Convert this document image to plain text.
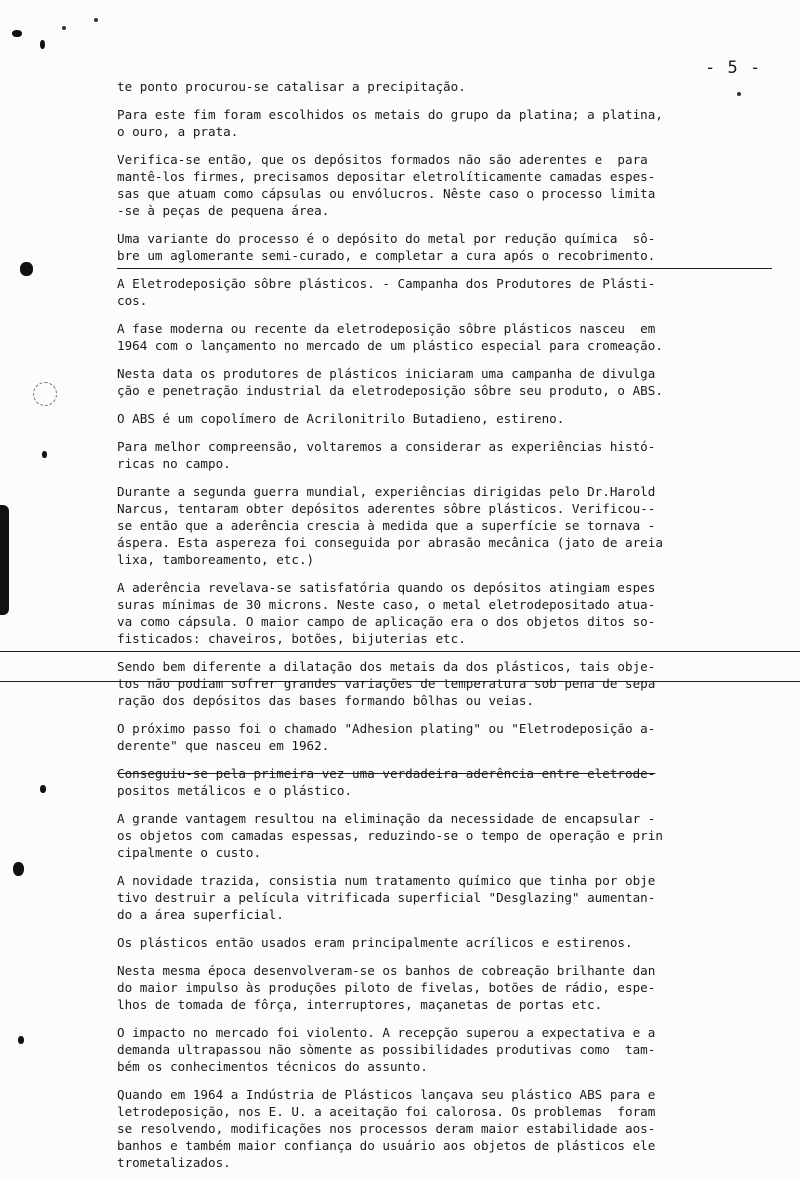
- 5 -
te ponto procurou-se catalisar a precipitação.
Para este fim foram escolhidos os metais do grupo da platina; a platina,
o ouro, a prata.
Verifica-se então, que os depósitos formados não são aderentes e  para
mantê-los firmes, precisamos depositar eletrolíticamente camadas espes-
sas que atuam como cápsulas ou envólucros. Nêste caso o processo limita
-se à peças de pequena área.
Uma variante do processo é o depósito do metal por redução química  sô-
bre um aglomerante semi-curado, e completar a cura após o recobrimento.
A Eletrodeposição sôbre plásticos. - Campanha dos Produtores de Plásti-
cos.
A fase moderna ou recente da eletrodeposição sôbre plásticos nasceu  em
1964 com o lançamento no mercado de um plástico especial para cromeação.
Nesta data os produtores de plásticos iniciaram uma campanha de divulga
ção e penetração industrial da eletrodeposição sôbre seu produto, o ABS.
O ABS é um copolímero de Acrilonitrilo Butadieno, estireno.
Para melhor compreensão, voltaremos a considerar as experiências histó-
ricas no campo.
Durante a segunda guerra mundial, experiências dirigidas pelo Dr.Harold
Narcus, tentaram obter depósitos aderentes sôbre plásticos. Verificou--
se então que a aderência crescia à medida que a superfície se tornava -
áspera. Esta aspereza foi conseguida por abrasão mecânica (jato de areia
lixa, tamboreamento, etc.)
A aderência revelava-se satisfatória quando os depósitos atingiam espes
suras mínimas de 30 microns. Neste caso, o metal eletrodepositado atua-
va como cápsula. O maior campo de aplicação era o dos objetos ditos so-
fisticados: chaveiros, botões, bijuterias etc.
Sendo bem diferente a dilatação dos metais da dos plásticos, tais obje-
tos não podiam sofrer grandes variações de temperatura sob pena de sepa
ração dos depósitos das bases formando bôlhas ou veias.
O próximo passo foi o chamado "Adhesion plating" ou "Eletrodeposição a-
derente" que nasceu em 1962.
Conseguiu-se pela primeira vez uma verdadeira aderência entre eletrode-
positos metálicos e o plástico.
A grande vantagem resultou na eliminação da necessidade de encapsular -
os objetos com camadas espessas, reduzindo-se o tempo de operação e prin
cipalmente o custo.
A novidade trazida, consistia num tratamento químico que tinha por obje
tivo destruir a película vitrificada superficial "Desglazing" aumentan-
do a área superficial.
Os plásticos então usados eram principalmente acrílicos e estirenos.
Nesta mesma época desenvolveram-se os banhos de cobreação brilhante dan
do maior impulso às produções piloto de fivelas, botões de rádio, espe-
lhos de tomada de fôrça, interruptores, maçanetas de portas etc.
O impacto no mercado foi violento. A recepção superou a expectativa e a
demanda ultrapassou não sòmente as possibilidades produtivas como  tam-
bém os conhecimentos técnicos do assunto.
Quando em 1964 a Indústria de Plásticos lançava seu plástico ABS para e
letrodeposição, nos E. U. a aceitação foi calorosa. Os problemas  foram
se resolvendo, modificações nos processos deram maior estabilidade aos-
banhos e também maior confiança do usuário aos objetos de plásticos ele
trometalizados.
